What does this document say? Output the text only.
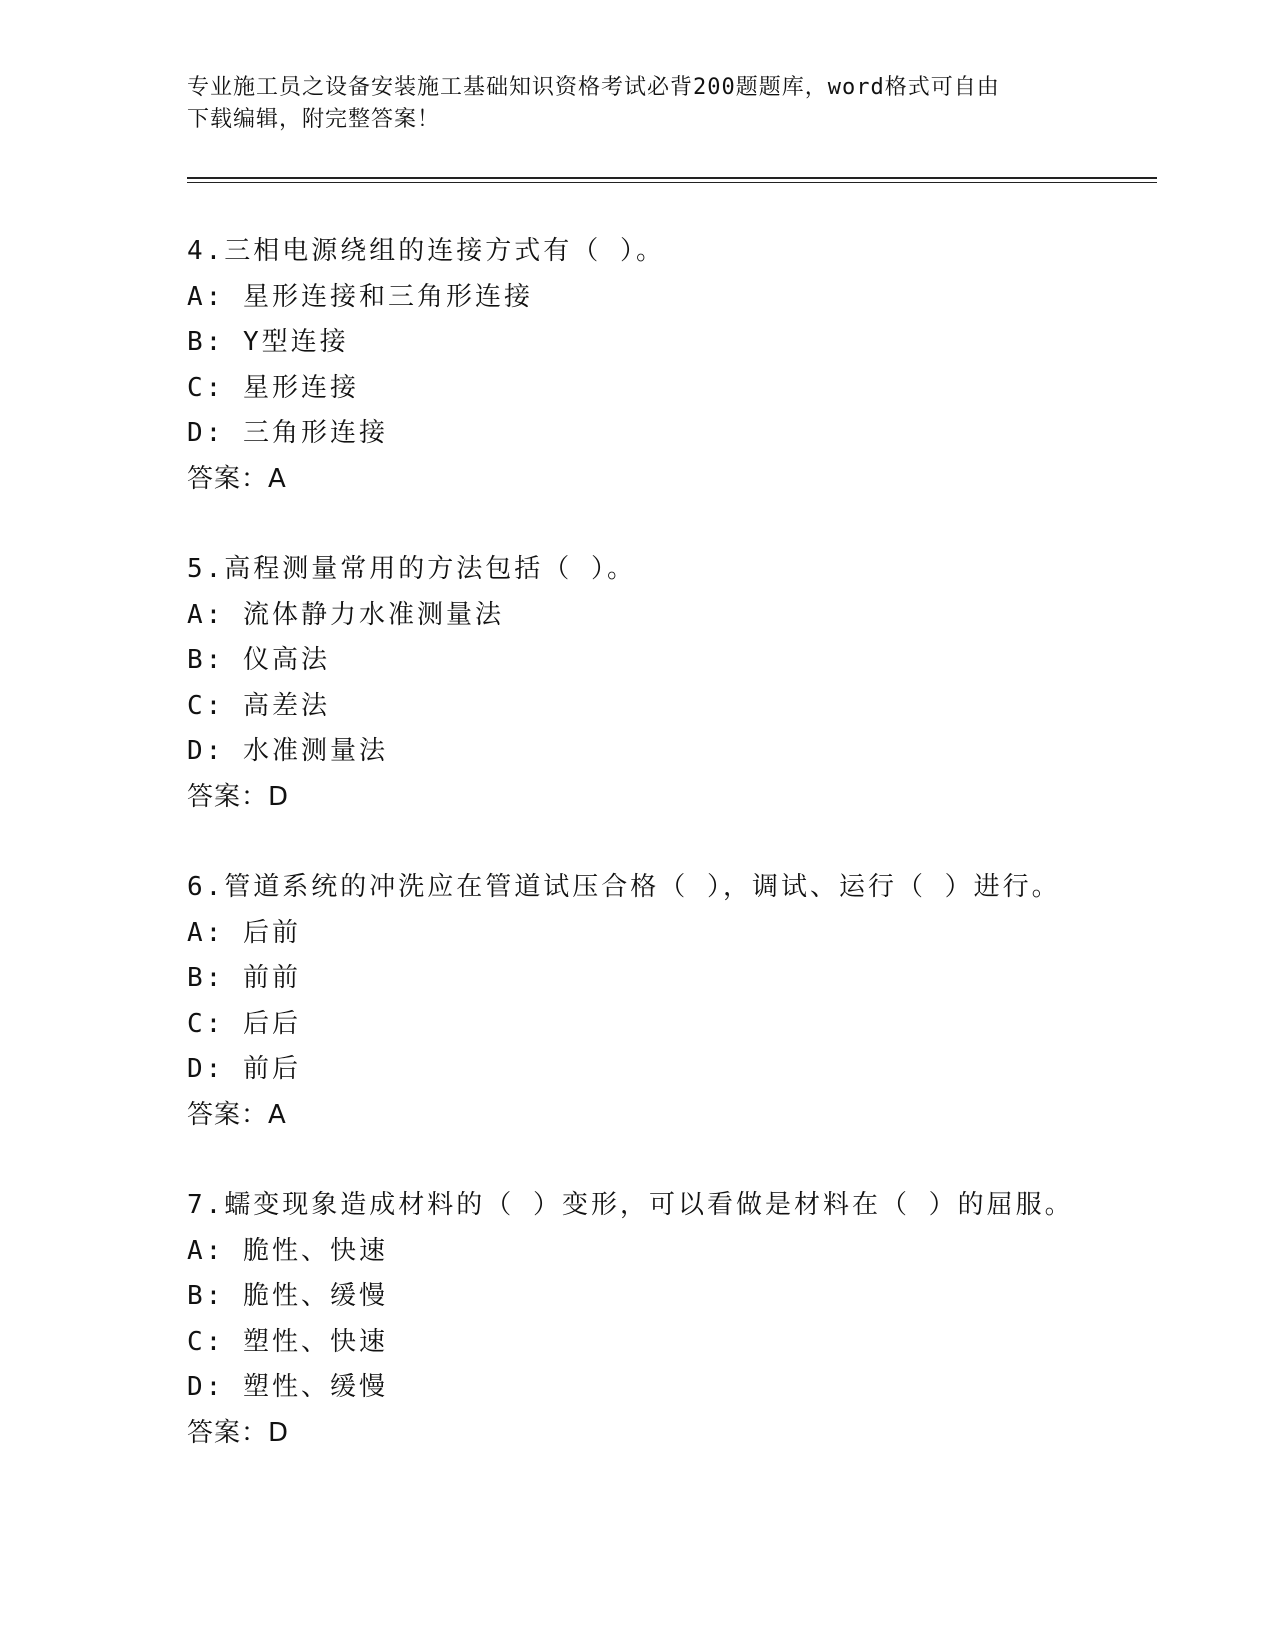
专业施工员之设备安装施工基础知识资格考试必背200题题库，word格式可自由
下载编辑，附完整答案！
4.三相电源绕组的连接方式有（ ）。
A: 星形连接和三角形连接
B: Y型连接
C: 星形连接
D: 三角形连接
答案：A
5.高程测量常用的方法包括（ ）。
A: 流体静力水准测量法
B: 仪高法
C: 高差法
D: 水准测量法
答案：D
6.管道系统的冲洗应在管道试压合格（ ），调试、运行（ ）进行。
A: 后前
B: 前前
C: 后后
D: 前后
答案：A
7.蠕变现象造成材料的（ ）变形，可以看做是材料在（ ）的屈服。
A: 脆性、快速
B: 脆性、缓慢
C: 塑性、快速
D: 塑性、缓慢
答案：D
